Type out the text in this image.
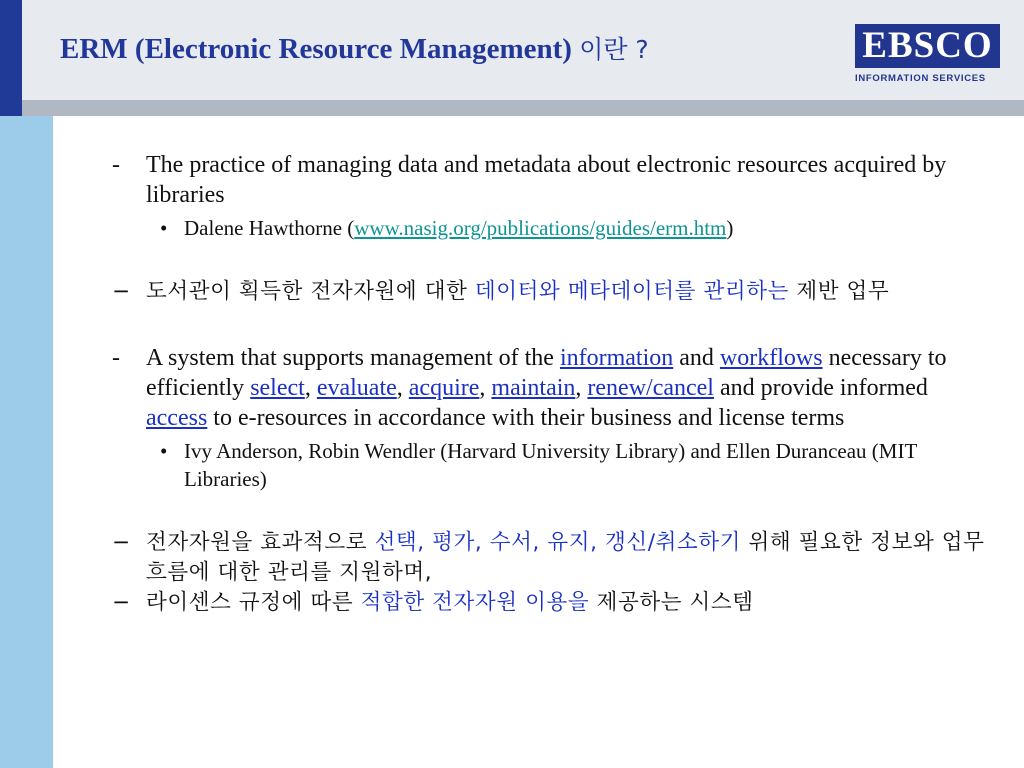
ERM (Electronic Resource Management) 이란 ?	EBSCO
INFORMATION SERVICES
- The practice of managing data and metadata about electronic resources acquired by libraries
• Dalene Hawthorne (www.nasig.org/publications/guides/erm.htm)
− 도서관이 획득한 전자자원에 대한 데이터와 메타데이터를 관리하는 제반 업무
- A system that supports management of the information and workflows necessary to efficiently select, evaluate, acquire, maintain, renew/cancel and provide informed access to e-resources in accordance with their business and license terms
• Ivy Anderson, Robin Wendler (Harvard University Library) and Ellen Duranceau (MIT Libraries)
− 전자자원을 효과적으로 선택, 평가, 수서, 유지, 갱신/취소하기 위해 필요한 정보와 업무흐름에 대한 관리를 지원하며,
− 라이센스 규정에 따른 적합한 전자자원 이용을 제공하는 시스템
